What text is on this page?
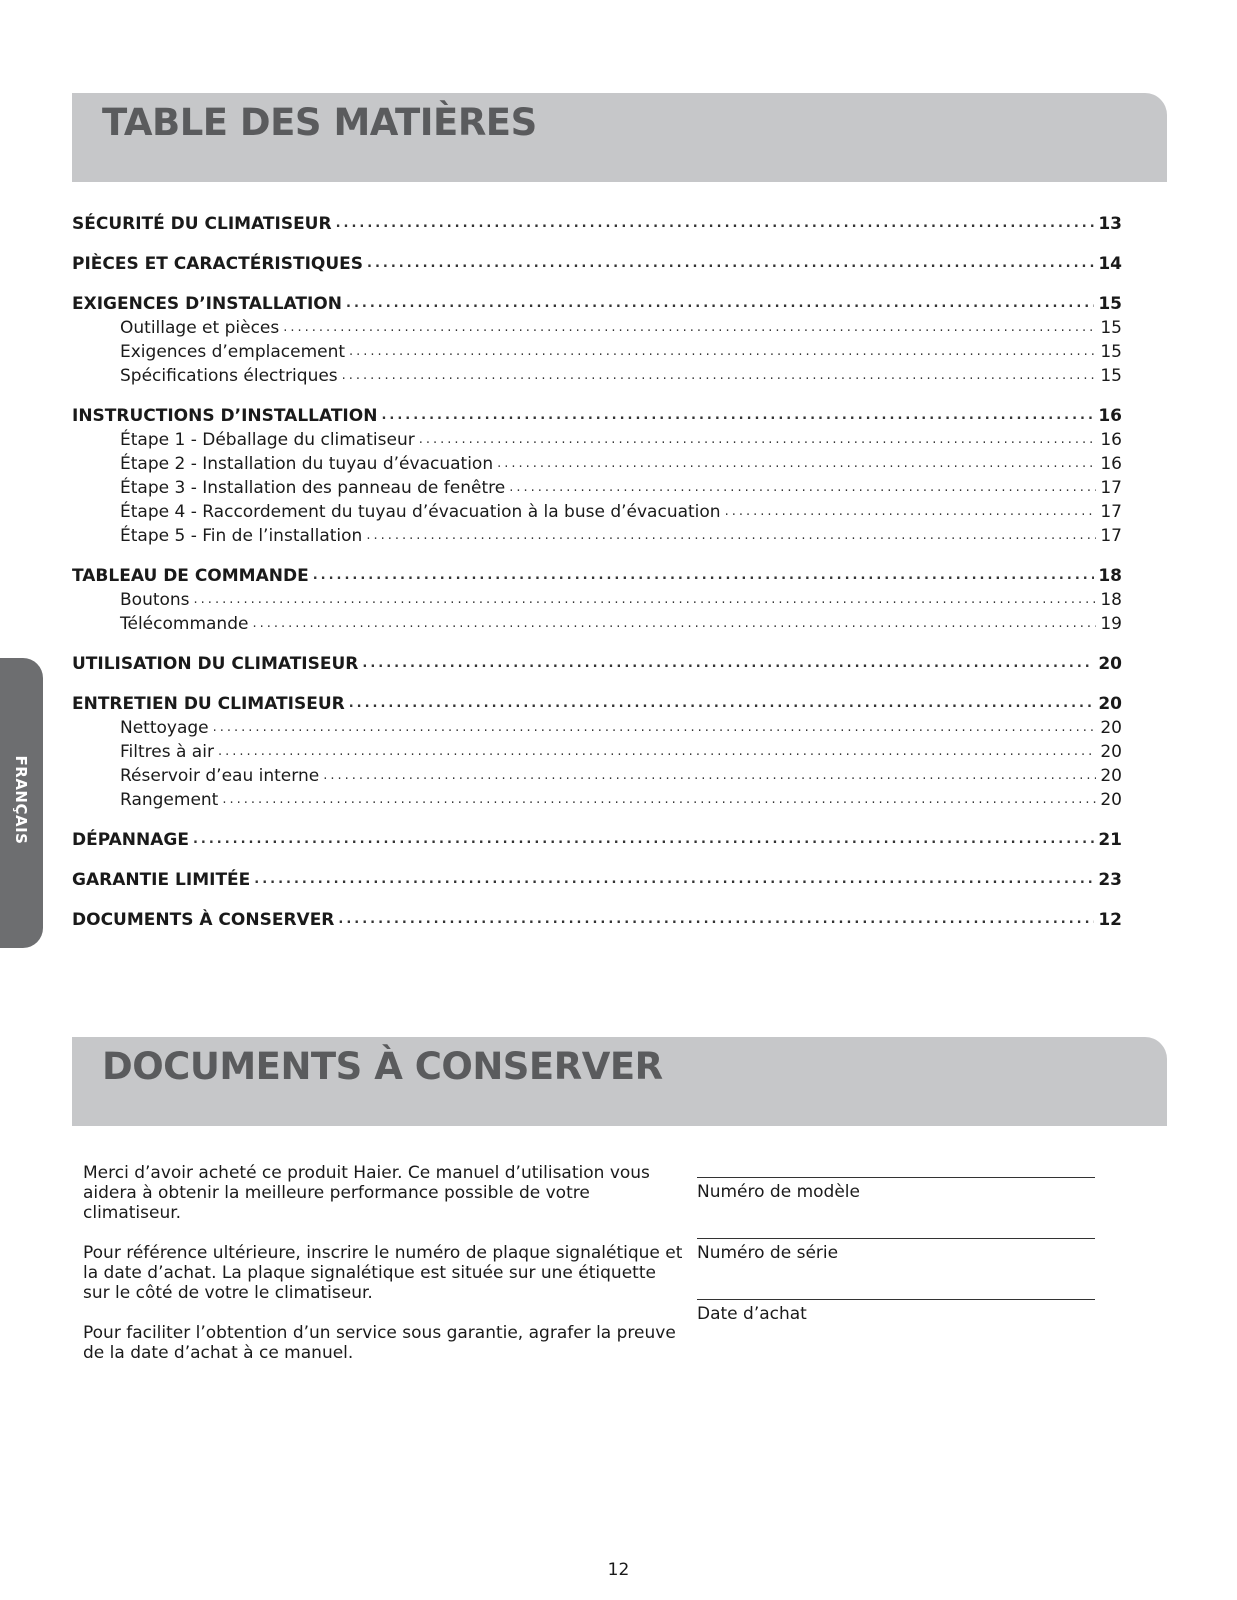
TABLE DES MATIÈRES
FRANÇAIS
SÉCURITÉ DU CLIMATISEUR .....	13
PIÈCES ET CARACTÉRISTIQUES .....	14
EXIGENCES D’INSTALLATION .....	15
Outillage et pièces .....	15
Exigences d’emplacement .....	15
Spécifications électriques .....	15
INSTRUCTIONS D’INSTALLATION .....	16
Étape 1 - Déballage du climatiseur .....	16
Étape 2 - Installation du tuyau d’évacuation .....	16
Étape 3 - Installation des panneau de fenêtre .....	17
Étape 4 - Raccordement du tuyau d’évacuation à la buse d’évacuation .....	17
Étape 5 - Fin de l’installation .....	17
TABLEAU DE COMMANDE .....	18
Boutons .....	18
Télécommande .....	19
UTILISATION DU CLIMATISEUR .....	20
ENTRETIEN DU CLIMATISEUR .....	20
Nettoyage .....	20
Filtres à air .....	20
Réservoir d’eau interne .....	20
Rangement .....	20
DÉPANNAGE .....	21
GARANTIE LIMITÉE .....	23
DOCUMENTS À CONSERVER .....	12
DOCUMENTS À CONSERVER

Merci d’avoir acheté ce produit Haier. Ce manuel d’utilisation vous aidera à obtenir la meilleure performance possible de votre climatiseur.

Pour référence ultérieure, inscrire le numéro de plaque signalétique et la date d’achat. La plaque signalétique est située sur une étiquette sur le côté de votre le climatiseur.

Pour faciliter l’obtention d’un service sous garantie, agrafer la preuve de la date d’achat à ce manuel.

Numéro de modèle
Numéro de série
Date d’achat
12
